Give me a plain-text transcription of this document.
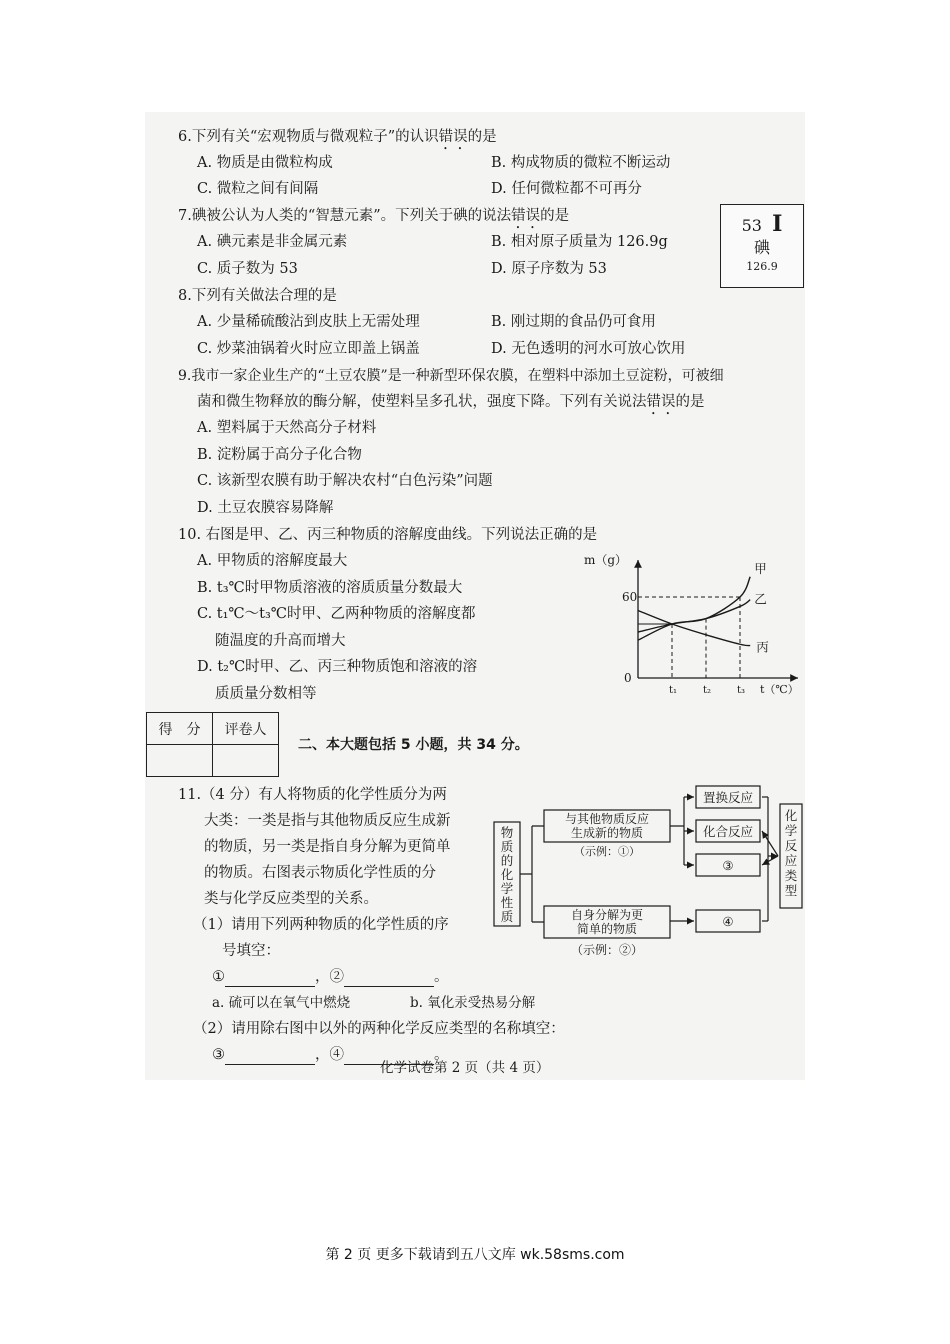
6.下列有关“宏观物质与微观粒子”的认识错误的是
A. 物质是由微粒构成	B. 构成物质的微粒不断运动
C. 微粒之间有间隔	D. 任何微粒都不可再分
7.碘被公认为人类的“智慧元素”。下列关于碘的说法错误的是
A. 碘元素是非金属元素	B. 相对原子质量为 126.9g
C. 质子数为 53	D. 原子序数为 53
53 I
碘
126.9
8.下列有关做法合理的是
A. 少量稀硫酸沾到皮肤上无需处理	B. 刚过期的食品仍可食用
C. 炒菜油锅着火时应立即盖上锅盖	D. 无色透明的河水可放心饮用
9.我市一家企业生产的“土豆农膜”是一种新型环保农膜，在塑料中添加土豆淀粉，可被细
菌和微生物释放的酶分解，使塑料呈多孔状，强度下降。下列有关说法错误的是
A. 塑料属于天然高分子材料
B. 淀粉属于高分子化合物
C. 该新型农膜有助于解决农村“白色污染”问题
D. 土豆农膜容易降解
10. 右图是甲、乙、丙三种物质的溶解度曲线。下列说法正确的是
A. 甲物质的溶解度最大
B. t₃℃时甲物质溶液的溶质质量分数最大
C. t₁℃～t₃℃时甲、乙两种物质的溶解度都
随温度的升高而增大
D. t₂℃时甲、乙、丙三种物质饱和溶液的溶
质质量分数相等
m（g）
t（℃）
60
0
t₁	t₂	t₃
甲
乙
丙
得　分	评卷人

二、本大题包括 5 小题，共 34 分。
11.（4 分）有人将物质的化学性质分为两
大类：一类是指与其他物质反应生成新
的物质，另一类是指自身分解为更简单
的物质。右图表示物质化学性质的分
类与化学反应类型的关系。
（1）请用下列两种物质的化学性质的序
号填空：
①	，②	。
a. 硫可以在氧气中燃烧	b. 氧化汞受热易分解
（2）请用除右图中以外的两种化学反应类型的名称填空：
③	，④	。
物质的化学性质
与其他物质反应
生成新的物质
（示例：①）
自身分解为更
简单的物质
（示例：②）
置换反应
化合反应
③
④
化学反应类型
化学试卷第 2 页（共 4 页）
第 2 页 更多下载请到五八文库 wk.58sms.com
